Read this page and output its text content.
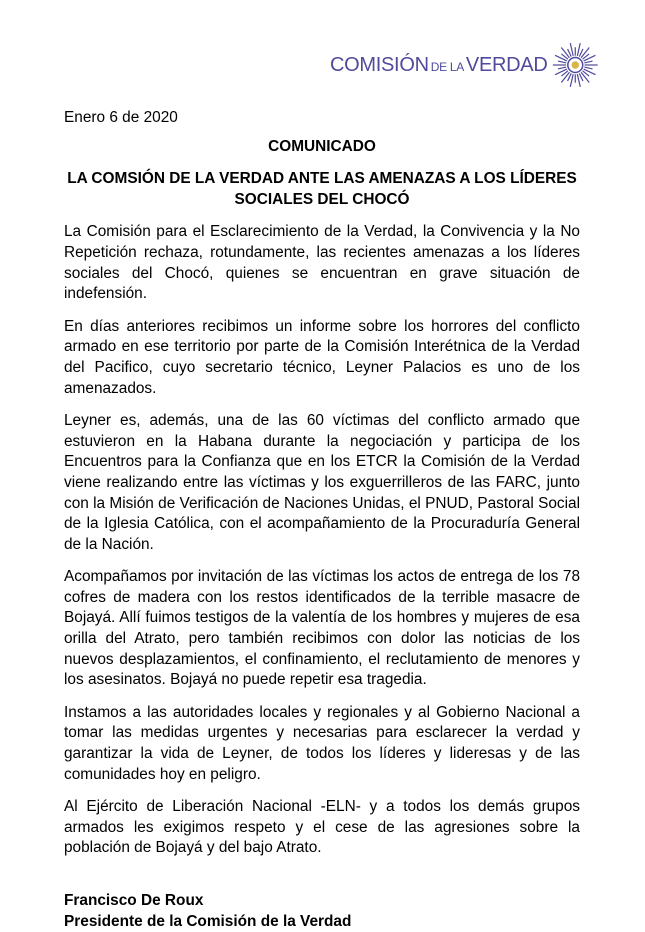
COMISIÓN DE LA VERDAD
Enero 6 de 2020
COMUNICADO
LA COMSIÓN DE LA VERDAD ANTE LAS AMENAZAS A LOS LÍDERES SOCIALES DEL CHOCÓ

La Comisión para el Esclarecimiento de la Verdad, la Convivencia y la No Repetición rechaza, rotundamente, las recientes amenazas a los líderes sociales del Chocó, quienes se encuentran en grave situación de indefensión.

En días anteriores recibimos un informe sobre los horrores del conflicto armado en ese territorio por parte de la Comisión Interétnica de la Verdad del Pacifico, cuyo secretario técnico, Leyner Palacios es uno de los amenazados.

Leyner es, además, una de las 60 víctimas del conflicto armado que estuvieron en la Habana durante la negociación y participa de los Encuentros para la Confianza que en los ETCR la Comisión de la Verdad viene realizando entre las víctimas y los exguerrilleros de las FARC, junto con la Misión de Verificación de Naciones Unidas, el PNUD, Pastoral Social de la Iglesia Católica, con el acompañamiento de la Procuraduría General de la Nación.

Acompañamos por invitación de las víctimas los actos de entrega de los 78 cofres de madera con los restos identificados de la terrible masacre de Bojayá. Allí fuimos testigos de la valentía de los hombres y mujeres de esa orilla del Atrato, pero también recibimos con dolor las noticias de los nuevos desplazamientos, el confinamiento, el reclutamiento de menores y los asesinatos. Bojayá no puede repetir esa tragedia.

Instamos a las autoridades locales y regionales y al Gobierno Nacional a tomar las medidas urgentes y necesarias para esclarecer la verdad y garantizar la vida de Leyner, de todos los líderes y lideresas y de las comunidades hoy en peligro.

Al Ejército de Liberación Nacional -ELN- y a todos los demás grupos armados les exigimos respeto y el cese de las agresiones sobre la población de Bojayá y del bajo Atrato.

Francisco De Roux
Presidente de la Comisión de la Verdad
